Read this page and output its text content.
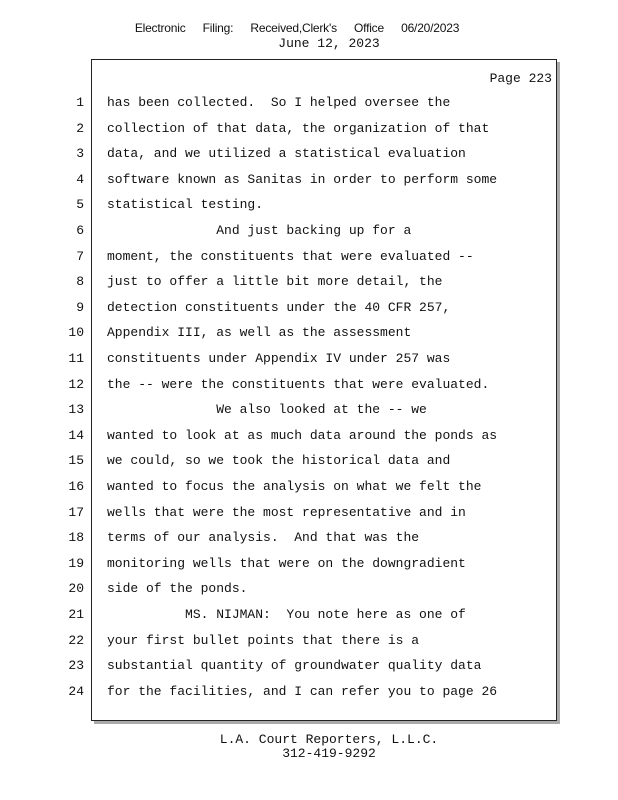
Electronic Filing: Received,Clerk's Office 06/20/2023
June 12, 2023
Page 223
1 has been collected.  So I helped oversee the
2 collection of that data, the organization of that
3 data, and we utilized a statistical evaluation
4 software known as Sanitas in order to perform some
5 statistical testing.
6 And just backing up for a
7 moment, the constituents that were evaluated --
8 just to offer a little bit more detail, the
9 detection constituents under the 40 CFR 257,
10 Appendix III, as well as the assessment
11 constituents under Appendix IV under 257 was
12 the -- were the constituents that were evaluated.
13 We also looked at the -- we
14 wanted to look at as much data around the ponds as
15 we could, so we took the historical data and
16 wanted to focus the analysis on what we felt the
17 wells that were the most representative and in
18 terms of our analysis.  And that was the
19 monitoring wells that were on the downgradient
20 side of the ponds.
21 MS. NIJMAN:  You note here as one of
22 your first bullet points that there is a
23 substantial quantity of groundwater quality data
24 for the facilities, and I can refer you to page 26
L.A. Court Reporters, L.L.C.
312-419-9292
